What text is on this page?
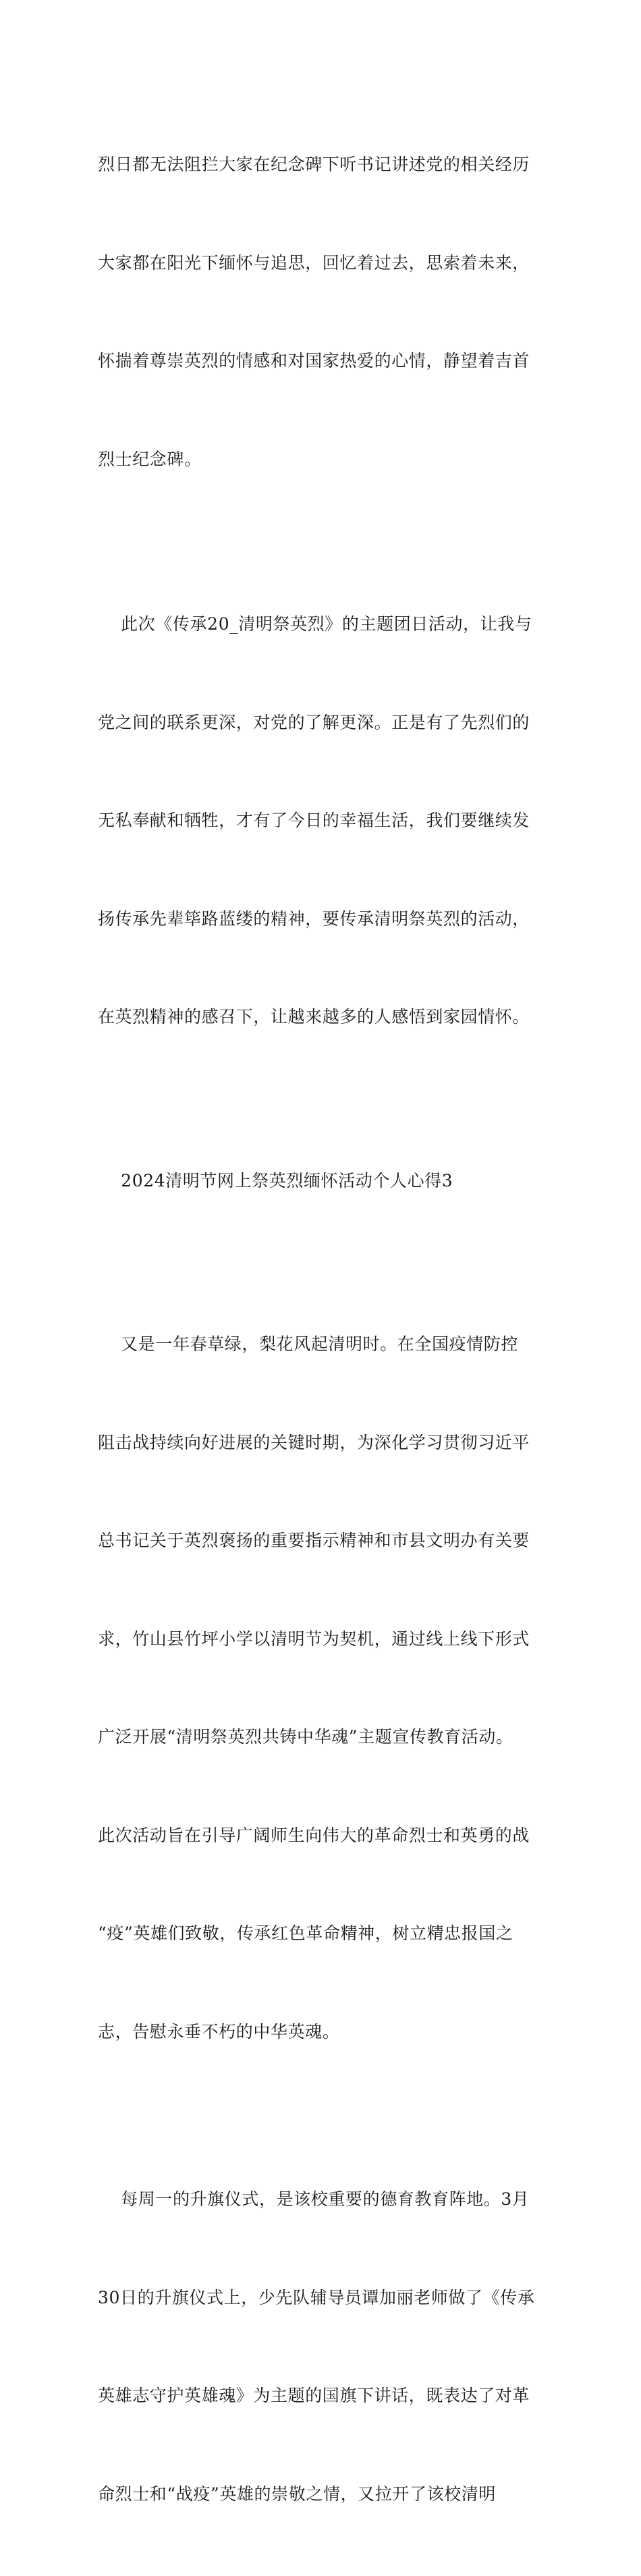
烈日都无法阻拦大家在纪念碑下听书记讲述党的相关经历

大家都在阳光下缅怀与追思，回忆着过去，思索着未来，

怀揣着尊崇英烈的情感和对国家热爱的心情，静望着吉首

烈士纪念碑。

此次《传承20_清明祭英烈》的主题团日活动，让我与

党之间的联系更深，对党的了解更深。正是有了先烈们的

无私奉献和牺牲，才有了今日的幸福生活，我们要继续发

扬传承先辈筚路蓝缕的精神，要传承清明祭英烈的活动，

在英烈精神的感召下，让越来越多的人感悟到家园情怀。

2024清明节网上祭英烈缅怀活动个人心得3

又是一年春草绿，梨花风起清明时。在全国疫情防控

阻击战持续向好进展的关键时期，为深化学习贯彻习近平

总书记关于英烈褒扬的重要指示精神和市县文明办有关要

求，竹山县竹坪小学以清明节为契机，通过线上线下形式

广泛开展“清明祭英烈共铸中华魂”主题宣传教育活动。

此次活动旨在引导广阔师生向伟大的革命烈士和英勇的战

“疫”英雄们致敬，传承红色革命精神，树立精忠报国之

志，告慰永垂不朽的中华英魂。

每周一的升旗仪式，是该校重要的德育教育阵地。3月

30日的升旗仪式上，少先队辅导员谭加丽老师做了《传承

英雄志守护英雄魂》为主题的国旗下讲话，既表达了对革

命烈士和“战疫”英雄的崇敬之情，又拉开了该校清明
